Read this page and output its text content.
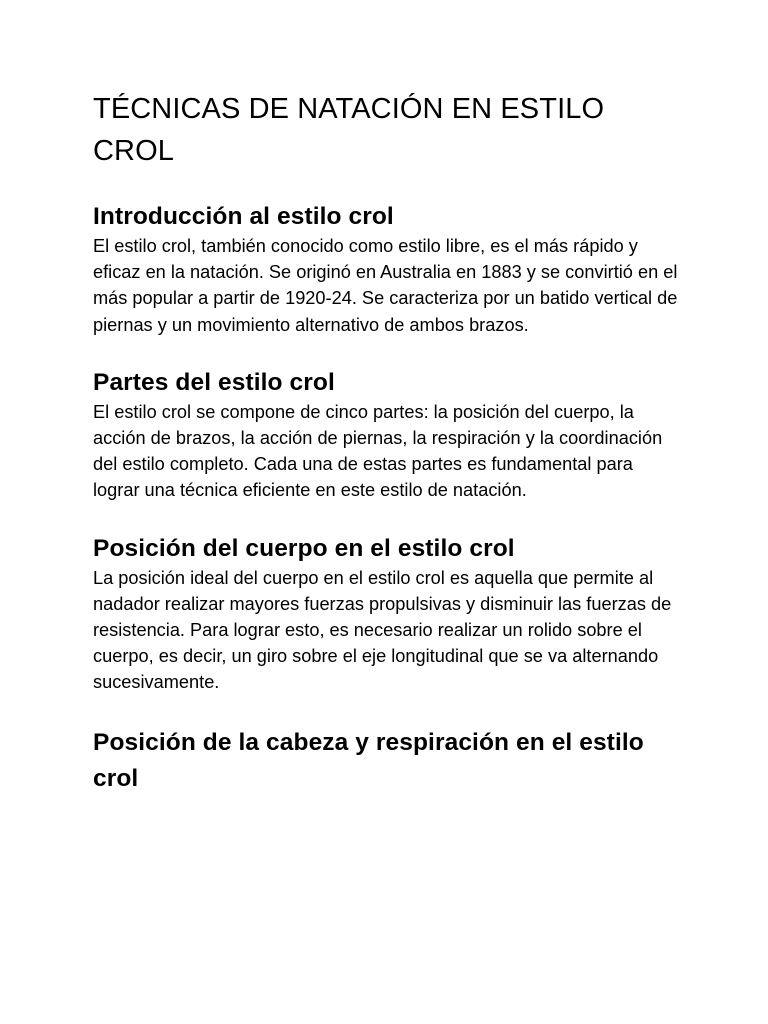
TÉCNICAS DE NATACIÓN EN ESTILO CROL
Introducción al estilo crol

El estilo crol, también conocido como estilo libre, es el más rápido y eficaz en la natación. Se originó en Australia en 1883 y se convirtió en el más popular a partir de 1920-24. Se caracteriza por un batido vertical de piernas y un movimiento alternativo de ambos brazos.

Partes del estilo crol

El estilo crol se compone de cinco partes: la posición del cuerpo, la acción de brazos, la acción de piernas, la respiración y la coordinación del estilo completo. Cada una de estas partes es fundamental para lograr una técnica eficiente en este estilo de natación.

Posición del cuerpo en el estilo crol

La posición ideal del cuerpo en el estilo crol es aquella que permite al nadador realizar mayores fuerzas propulsivas y disminuir las fuerzas de resistencia. Para lograr esto, es necesario realizar un rolido sobre el cuerpo, es decir, un giro sobre el eje longitudinal que se va alternando sucesivamente.

Posición de la cabeza y respiración en el estilo crol
